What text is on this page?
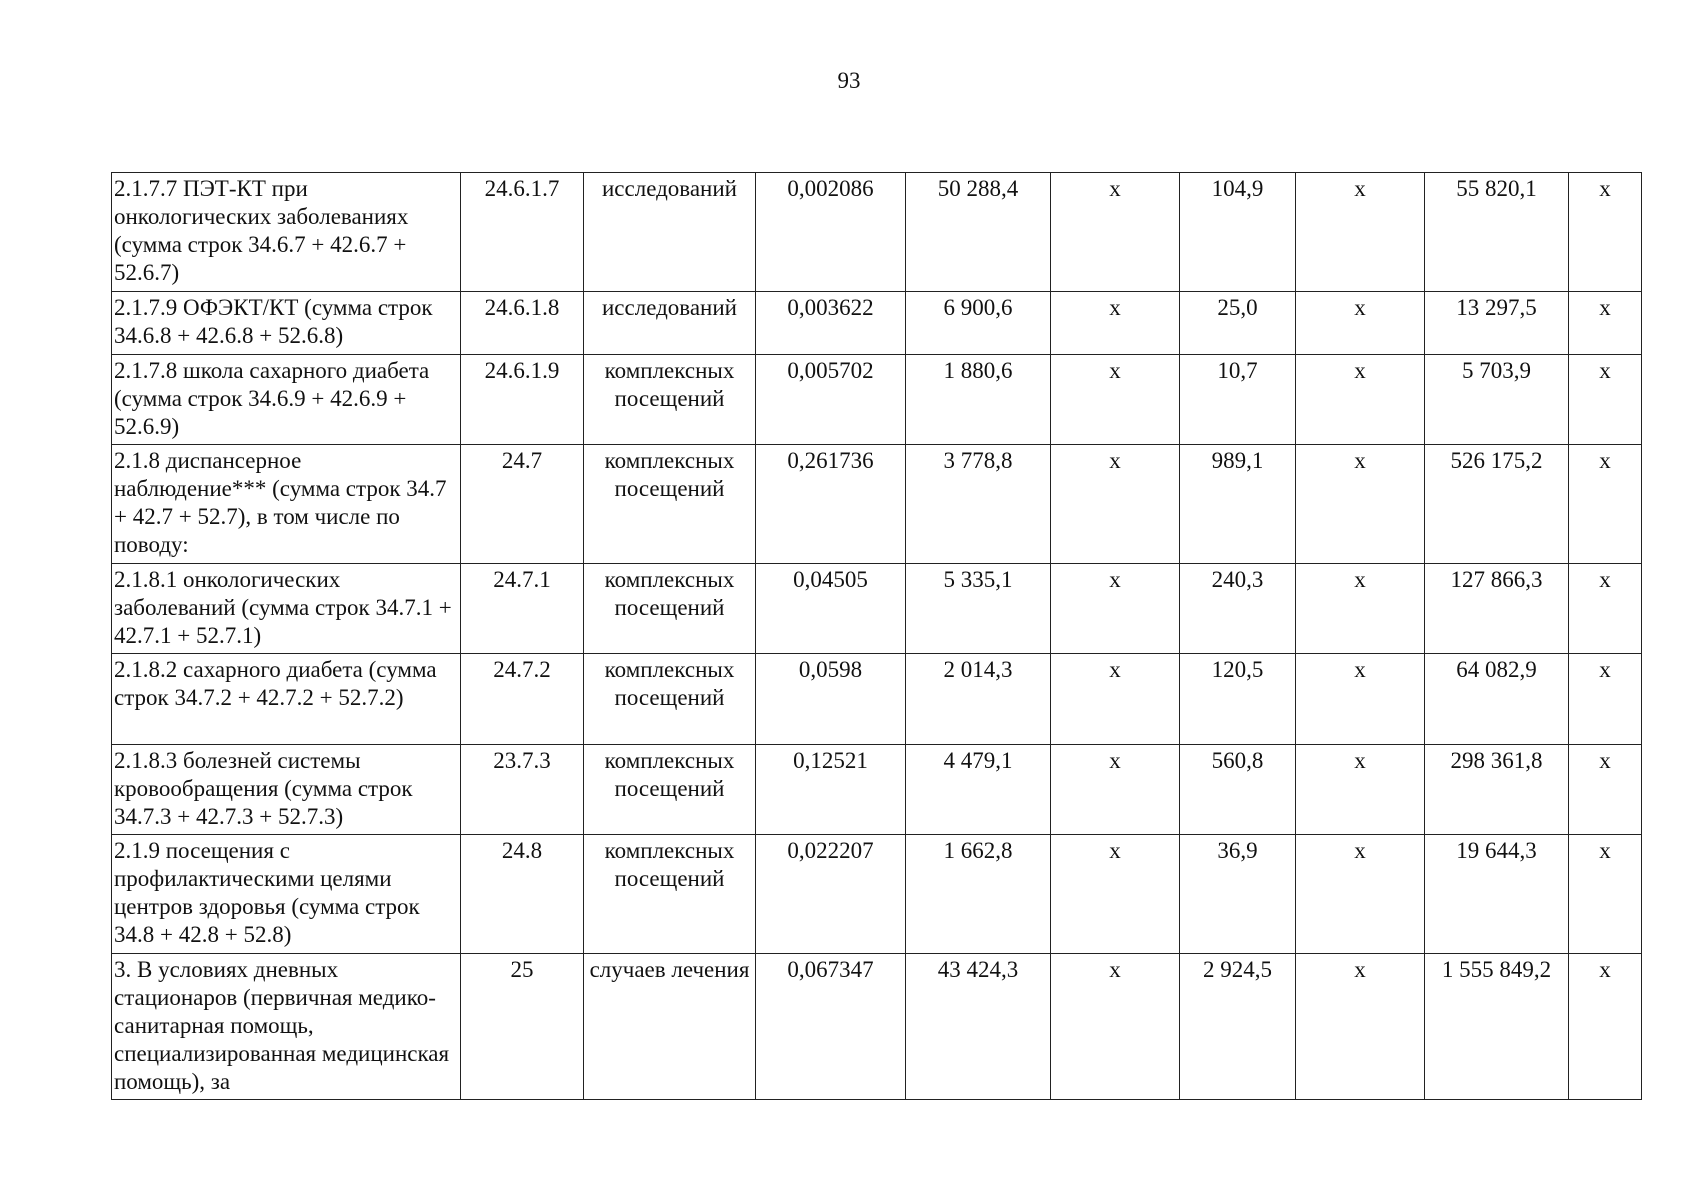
93
2.1.7.7 ПЭТ-КТ при онкологических заболеваниях (сумма строк 34.6.7 + 42.6.7 + 52.6.7)	24.6.1.7	исследований	0,002086	50 288,4	х	104,9	х	55 820,1	х
2.1.7.9 ОФЭКТ/КТ (сумма строк 34.6.8 + 42.6.8 + 52.6.8)	24.6.1.8	исследований	0,003622	6 900,6	х	25,0	х	13 297,5	х
2.1.7.8 школа сахарного диабета (сумма строк 34.6.9 + 42.6.9 + 52.6.9)	24.6.1.9	комплексных посещений	0,005702	1 880,6	х	10,7	х	5 703,9	х
2.1.8 диспансерное наблюдение*** (сумма строк 34.7 + 42.7 + 52.7), в том числе по поводу:	24.7	комплексных посещений	0,261736	3 778,8	х	989,1	х	526 175,2	х
2.1.8.1 онкологических заболеваний (сумма строк 34.7.1 + 42.7.1 + 52.7.1)	24.7.1	комплексных посещений	0,04505	5 335,1	х	240,3	х	127 866,3	х
2.1.8.2 сахарного диабета (сумма строк 34.7.2 + 42.7.2 + 52.7.2)	24.7.2	комплексных посещений	0,0598	2 014,3	х	120,5	х	64 082,9	х
2.1.8.3 болезней системы кровообращения (сумма строк 34.7.3 + 42.7.3 + 52.7.3)	23.7.3	комплексных посещений	0,12521	4 479,1	х	560,8	х	298 361,8	х
2.1.9 посещения с профилактическими целями центров здоровья (сумма строк 34.8 + 42.8 + 52.8)	24.8	комплексных посещений	0,022207	1 662,8	х	36,9	х	19 644,3	х
3. В условиях дневных стационаров (первичная медико-санитарная помощь, специализированная медицинская помощь), за	25	случаев лечения	0,067347	43 424,3	х	2 924,5	х	1 555 849,2	х
